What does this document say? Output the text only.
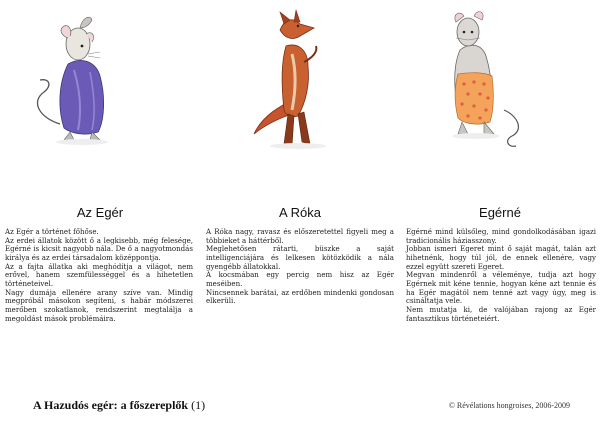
Az Egér

Az Egér a történet főhőse.

Az erdei állatok között ő a legkisebb, még felesége, Egérné is kicsit nagyobb nála. De ő a nagyotmondás királya és az erdei társadalom középpontja.

Az a fajta állatka aki meghódítja a világot, nem erővel, hanem szemfülességgel és a hihetetlen történeteivel.

Nagy dumája ellenére arany szíve van. Mindig megpróbál másokon segíteni, s habár módszerei merőben szokatlanok, rendszerint megtalálja a megoldást mások problémáira.

A Róka

A Róka nagy, ravasz és előszeretettel figyeli meg a többieket a háttérből.

Meglehetősen rátarti, büszke a saját intelligenciájára és lelkesen kötözködik a nála gyengébb állatokkal.

A kocsmában egy percig nem hisz az Egér meséiben.

Nincsennek barátai, az erdőben mindenki gondosan elkerüli.

Egérné

Egérné mind külsőleg, mind gondolkodásában igazi tradicionális háziasszony.

Jobban ismeri Egeret mint ő saját magát, talán azt hihetnénk, hogy túl jól, de ennek ellenére, vagy ezzel együtt szereti Egeret.

Megvan mindenről a véleménye, tudja azt hogy Egérnek mit kéne tennie, hogyan kéne azt tennie és ha Egér magától nem tenné azt vagy úgy, meg is csináltatja vele.

Nem mutatja ki, de valójában rajong az Egér fantasztikus történeteiért.

A Hazudós egér: a főszereplők (1)	© Révélations hongroises, 2006-2009
